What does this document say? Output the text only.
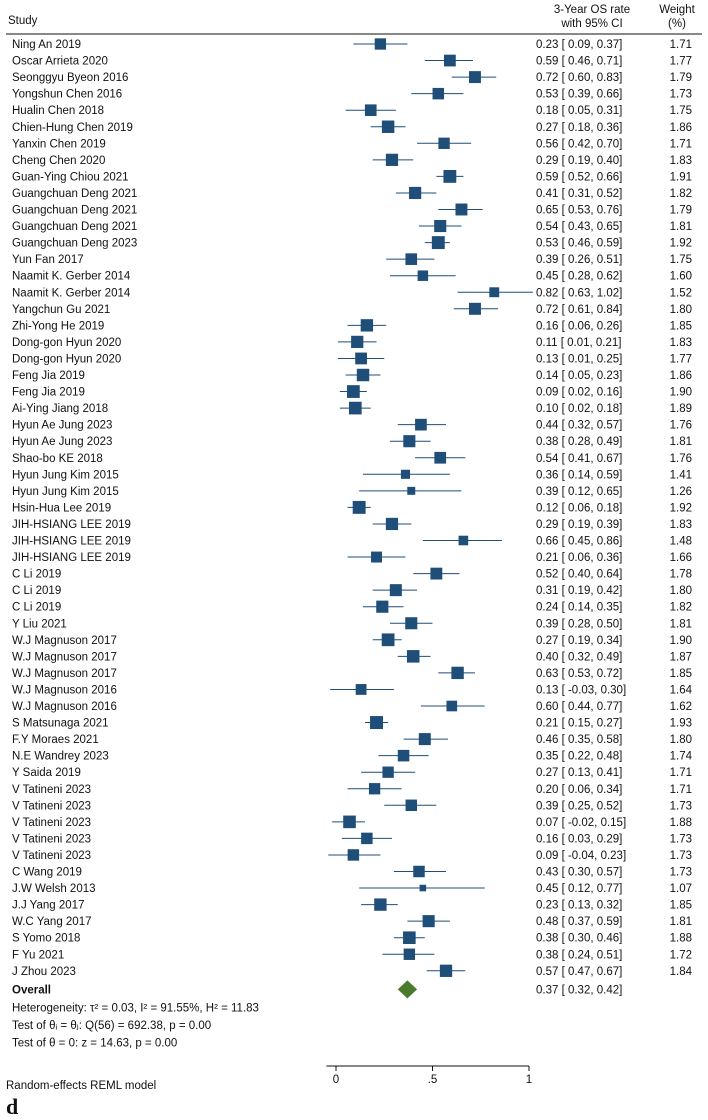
Study
3-Year OS rate
with 95% CI
Weight
(%)
Ning An 2019	0.23 [ 0.09, 0.37]	1.71
Oscar Arrieta 2020	0.59 [ 0.46, 0.71]	1.77
Seonggyu Byeon 2016	0.72 [ 0.60, 0.83]	1.79
Yongshun Chen 2016	0.53 [ 0.39, 0.66]	1.73
Hualin Chen 2018	0.18 [ 0.05, 0.31]	1.75
Chien-Hung Chen 2019	0.27 [ 0.18, 0.36]	1.86
Yanxin Chen 2019	0.56 [ 0.42, 0.70]	1.71
Cheng Chen 2020	0.29 [ 0.19, 0.40]	1.83
Guan-Ying Chiou 2021	0.59 [ 0.52, 0.66]	1.91
Guangchuan Deng 2021	0.41 [ 0.31, 0.52]	1.82
Guangchuan Deng 2021	0.65 [ 0.53, 0.76]	1.79
Guangchuan Deng 2021	0.54 [ 0.43, 0.65]	1.81
Guangchuan Deng 2023	0.53 [ 0.46, 0.59]	1.92
Yun Fan 2017	0.39 [ 0.26, 0.51]	1.75
Naamit K. Gerber 2014	0.45 [ 0.28, 0.62]	1.60
Naamit K. Gerber 2014	0.82 [ 0.63, 1.02]	1.52
Yangchun Gu 2021	0.72 [ 0.61, 0.84]	1.80
Zhi-Yong He 2019	0.16 [ 0.06, 0.26]	1.85
Dong-gon Hyun 2020	0.11 [ 0.01, 0.21]	1.83
Dong-gon Hyun 2020	0.13 [ 0.01, 0.25]	1.77
Feng Jia 2019	0.14 [ 0.05, 0.23]	1.86
Feng Jia 2019	0.09 [ 0.02, 0.16]	1.90
Ai-Ying Jiang 2018	0.10 [ 0.02, 0.18]	1.89
Hyun Ae Jung 2023	0.44 [ 0.32, 0.57]	1.76
Hyun Ae Jung 2023	0.38 [ 0.28, 0.49]	1.81
Shao-bo KE 2018	0.54 [ 0.41, 0.67]	1.76
Hyun Jung Kim 2015	0.36 [ 0.14, 0.59]	1.41
Hyun Jung Kim 2015	0.39 [ 0.12, 0.65]	1.26
Hsin-Hua Lee 2019	0.12 [ 0.06, 0.18]	1.92
JIH-HSIANG LEE 2019	0.29 [ 0.19, 0.39]	1.83
JIH-HSIANG LEE 2019	0.66 [ 0.45, 0.86]	1.48
JIH-HSIANG LEE 2019	0.21 [ 0.06, 0.36]	1.66
C Li 2019	0.52 [ 0.40, 0.64]	1.78
C Li 2019	0.31 [ 0.19, 0.42]	1.80
C Li 2019	0.24 [ 0.14, 0.35]	1.82
Y Liu 2021	0.39 [ 0.28, 0.50]	1.81
W.J Magnuson 2017	0.27 [ 0.19, 0.34]	1.90
W.J Magnuson 2017	0.40 [ 0.32, 0.49]	1.87
W.J Magnuson 2017	0.63 [ 0.53, 0.72]	1.85
W.J Magnuson 2016	0.13 [ -0.03, 0.30]	1.64
W.J Magnuson 2016	0.60 [ 0.44, 0.77]	1.62
S Matsunaga 2021	0.21 [ 0.15, 0.27]	1.93
F.Y Moraes 2021	0.46 [ 0.35, 0.58]	1.80
N.E Wandrey 2023	0.35 [ 0.22, 0.48]	1.74
Y Saida 2019	0.27 [ 0.13, 0.41]	1.71
V Tatineni 2023	0.20 [ 0.06, 0.34]	1.71
V Tatineni 2023	0.39 [ 0.25, 0.52]	1.73
V Tatineni 2023	0.07 [ -0.02, 0.15]	1.88
V Tatineni 2023	0.16 [ 0.03, 0.29]	1.73
V Tatineni 2023	0.09 [ -0.04, 0.23]	1.73
C Wang 2019	0.43 [ 0.30, 0.57]	1.73
J.W Welsh 2013	0.45 [ 0.12, 0.77]	1.07
J.J Yang 2017	0.23 [ 0.13, 0.32]	1.85
W.C Yang 2017	0.48 [ 0.37, 0.59]	1.81
S Yomo 2018	0.38 [ 0.30, 0.46]	1.88
F Yu 2021	0.38 [ 0.24, 0.51]	1.72
J Zhou 2023	0.57 [ 0.47, 0.67]	1.84
Overall	0.37 [ 0.32, 0.42]
Heterogeneity: τ² = 0.03, I² = 91.55%, H² = 11.83
Test of θᵢ = θⱼ: Q(56) = 692.38, p = 0.00
Test of θ = 0: z = 14.63, p = 0.00
0	.5	1
Random-effects REML model
d
